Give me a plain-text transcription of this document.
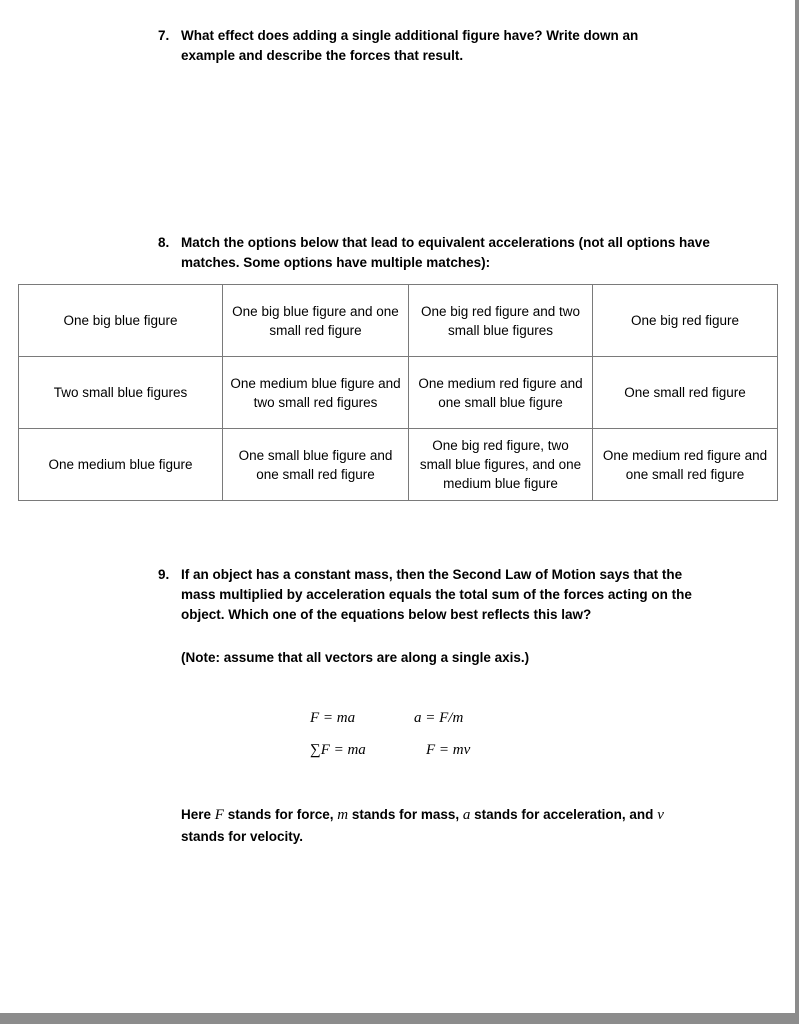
7. What effect does adding a single additional figure have? Write down an example and describe the forces that result.
8. Match the options below that lead to equivalent accelerations (not all options have matches. Some options have multiple matches):
One big blue figure	One big blue figure and one small red figure	One big red figure and two small blue figures	One big red figure
Two small blue figures	One medium blue figure and two small red figures	One medium red figure and one small blue figure	One small red figure
One medium blue figure	One small blue figure and one small red figure	One big red figure, two small blue figures, and one medium blue figure	One medium red figure and one small red figure
9. If an object has a constant mass, then the Second Law of Motion says that the mass multiplied by acceleration equals the total sum of the forces acting on the object. Which one of the equations below best reflects this law?
(Note: assume that all vectors are along a single axis.)
F = ma	a = F/m
∑F = ma	F = mv
Here F stands for force, m stands for mass, a stands for acceleration, and v stands for velocity.
